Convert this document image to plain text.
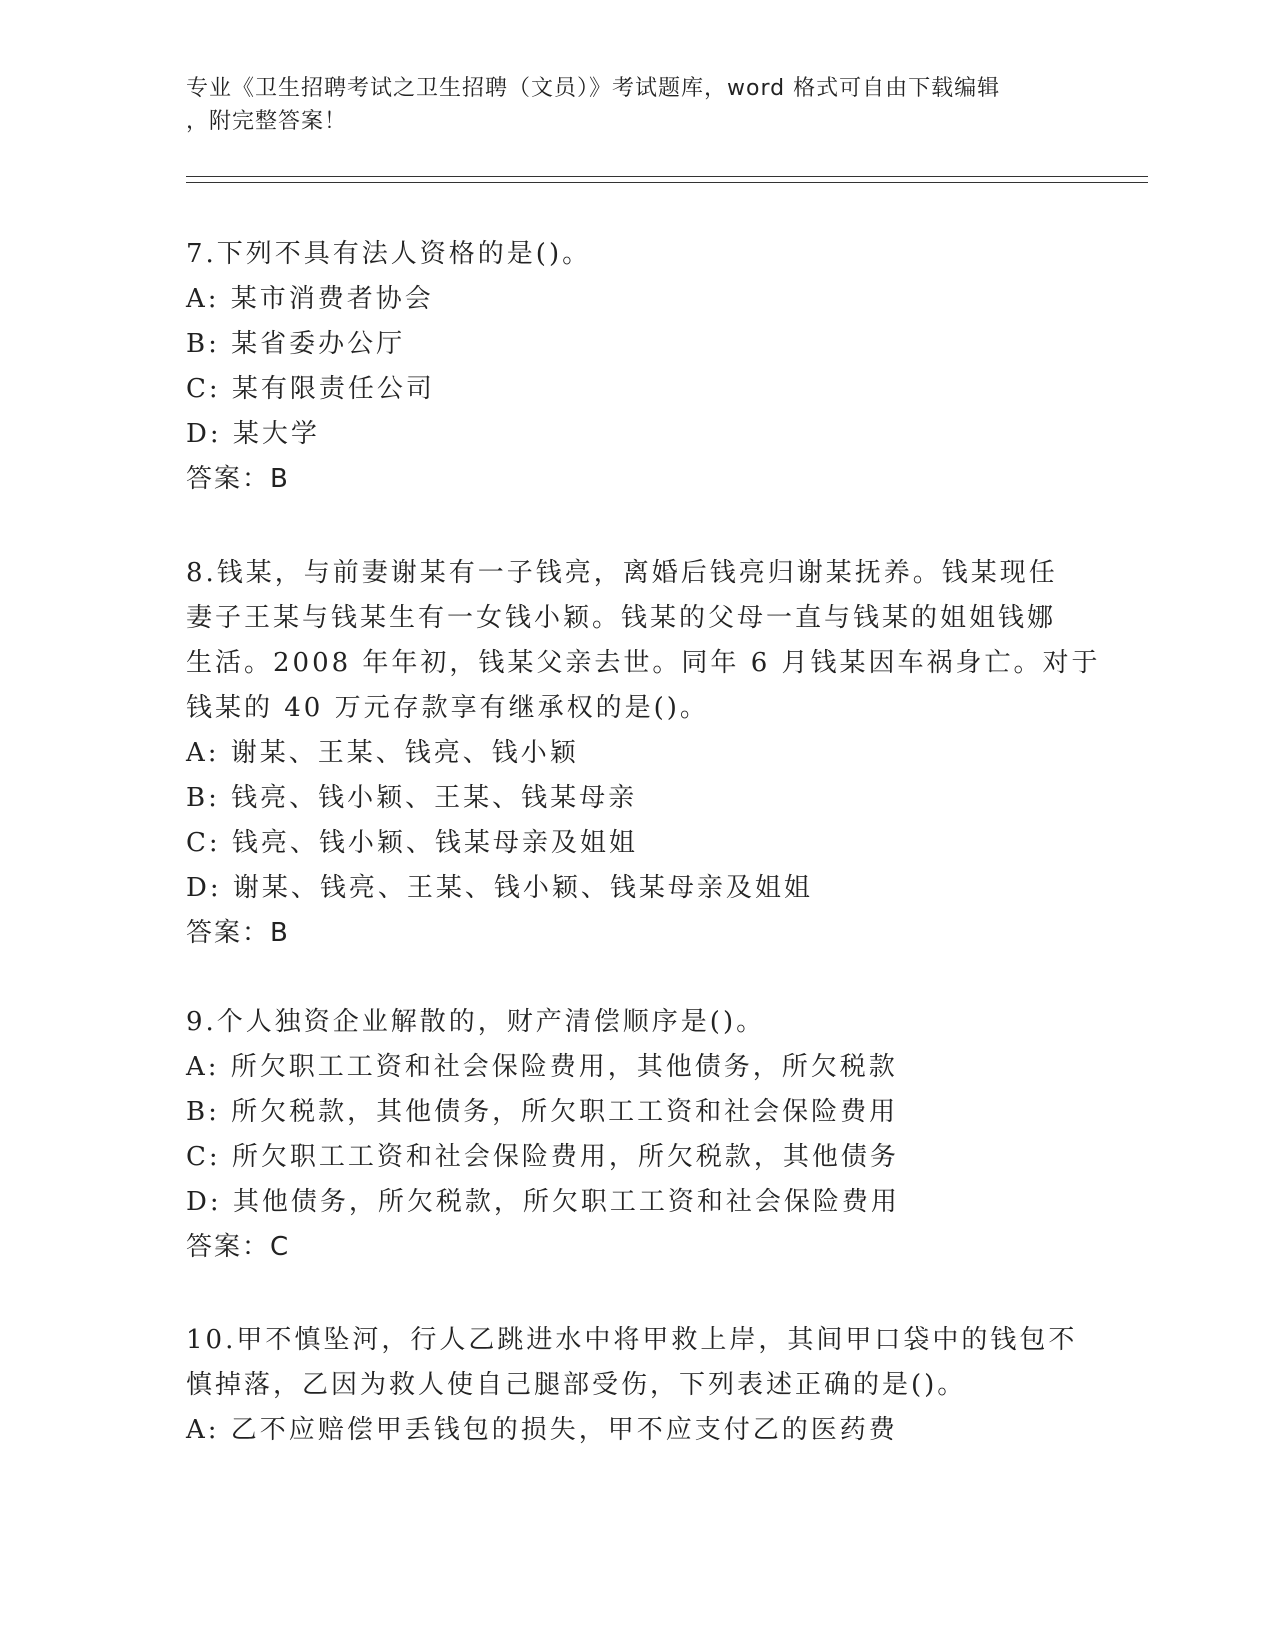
专业《卫生招聘考试之卫生招聘（文员）》考试题库，word 格式可自由下载编辑
，附完整答案！
7.下列不具有法人资格的是()。
A: 某市消费者协会
B: 某省委办公厅
C: 某有限责任公司
D: 某大学
答案：B
8.钱某，与前妻谢某有一子钱亮，离婚后钱亮归谢某抚养。钱某现任
妻子王某与钱某生有一女钱小颖。钱某的父母一直与钱某的姐姐钱娜
生活。2008 年年初，钱某父亲去世。同年 6 月钱某因车祸身亡。对于
钱某的 40 万元存款享有继承权的是()。
A: 谢某、王某、钱亮、钱小颖
B: 钱亮、钱小颖、王某、钱某母亲
C: 钱亮、钱小颖、钱某母亲及姐姐
D: 谢某、钱亮、王某、钱小颖、钱某母亲及姐姐
答案：B
9.个人独资企业解散的，财产清偿顺序是()。
A: 所欠职工工资和社会保险费用，其他债务，所欠税款
B: 所欠税款，其他债务，所欠职工工资和社会保险费用
C: 所欠职工工资和社会保险费用，所欠税款，其他债务
D: 其他债务，所欠税款，所欠职工工资和社会保险费用
答案：C
10.甲不慎坠河，行人乙跳进水中将甲救上岸，其间甲口袋中的钱包不
慎掉落，乙因为救人使自己腿部受伤，下列表述正确的是()。
A: 乙不应赔偿甲丢钱包的损失，甲不应支付乙的医药费
